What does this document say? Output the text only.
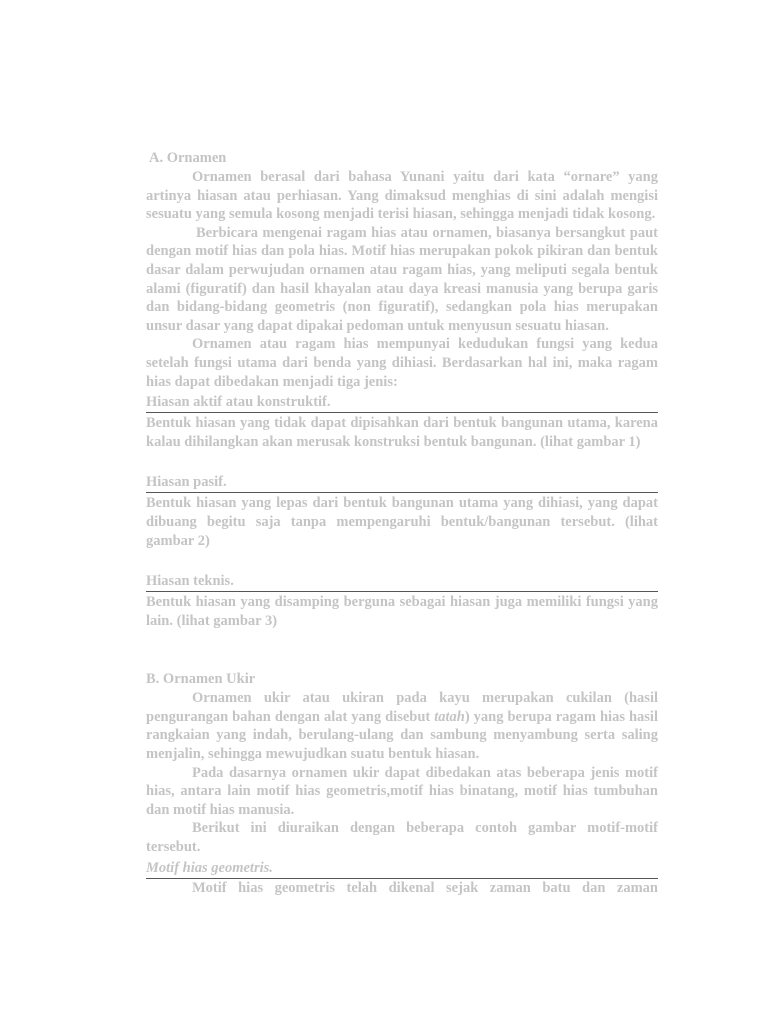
A. Ornamen

Ornamen berasal dari bahasa Yunani yaitu dari kata “ornare” yang artinya hiasan atau perhiasan. Yang dimaksud menghias di sini adalah mengisi sesuatu yang semula kosong menjadi terisi hiasan, sehingga menjadi tidak kosong.

Berbicara mengenai ragam hias atau ornamen, biasanya bersangkut paut dengan motif hias dan pola hias. Motif hias merupakan pokok pikiran dan bentuk dasar dalam perwujudan ornamen atau ragam hias, yang meliputi segala bentuk alami (figuratif) dan hasil khayalan atau daya kreasi manusia yang berupa garis dan bidang-bidang geometris (non figuratif), sedangkan pola hias merupakan unsur dasar yang dapat dipakai pedoman untuk menyusun sesuatu hiasan.

Ornamen atau ragam hias mempunyai kedudukan fungsi yang kedua setelah fungsi utama dari benda yang dihiasi. Berdasarkan hal ini, maka ragam hias dapat dibedakan menjadi tiga jenis:

Hiasan aktif atau konstruktif.

Bentuk hiasan yang tidak dapat dipisahkan dari bentuk bangunan utama, karena kalau dihilangkan akan merusak konstruksi bentuk bangunan. (lihat gambar 1)

Hiasan pasif.

Bentuk hiasan yang lepas dari bentuk bangunan utama yang dihiasi, yang dapat dibuang begitu saja tanpa mempengaruhi bentuk/bangunan tersebut. (lihat gambar 2)

Hiasan teknis.

Bentuk hiasan yang disamping berguna sebagai hiasan juga memiliki fungsi yang lain. (lihat gambar 3)

B. Ornamen Ukir

Ornamen ukir atau ukiran pada kayu merupakan cukilan (hasil pengurangan bahan dengan alat yang disebut tatah) yang berupa ragam hias hasil rangkaian yang indah, berulang-ulang dan sambung menyambung serta saling menjalin, sehingga mewujudkan suatu bentuk hiasan.

Pada dasarnya ornamen ukir dapat dibedakan atas beberapa jenis motif hias, antara lain motif hias geometris,motif hias binatang, motif hias tumbuhan dan motif hias manusia.

Berikut ini diuraikan dengan beberapa contoh gambar motif-motif tersebut.

Motif hias geometris.

Motif hias geometris telah dikenal sejak zaman batu dan zaman
